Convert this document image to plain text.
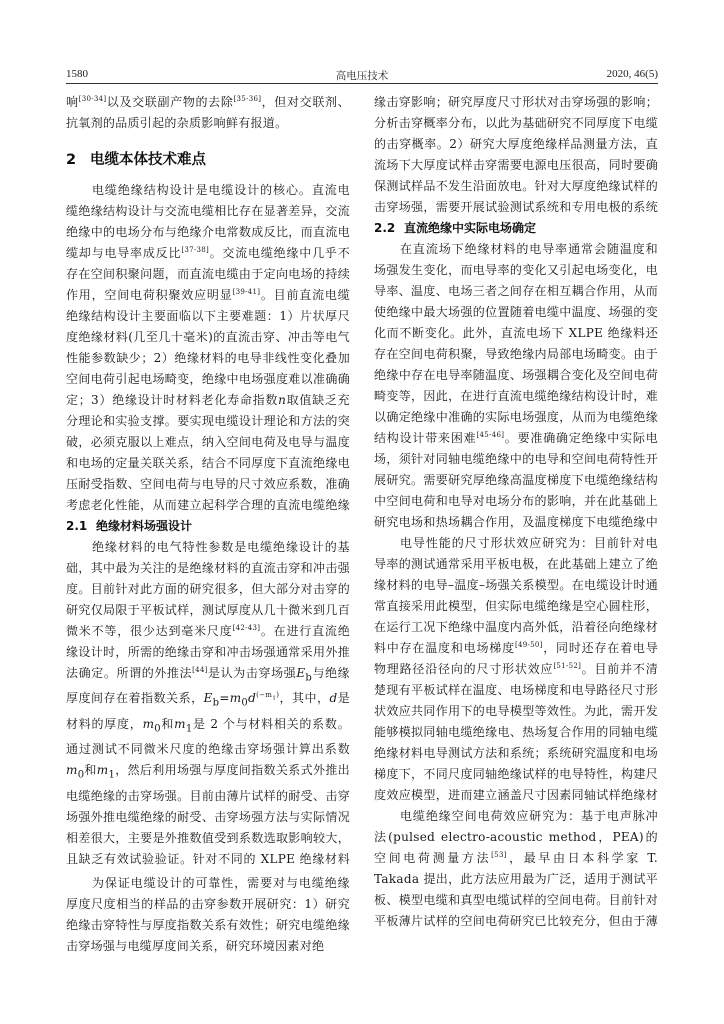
1580	高电压技术	2020, 46(5)

响[30-34]以及交联副产物的去除[35-36]，但对交联剂、抗氧剂的品质引起的杂质影响鲜有报道。

2 电缆本体技术难点

电缆绝缘结构设计是电缆设计的核心。直流电缆绝缘结构设计与交流电缆相比存在显著差异，交流绝缘中的电场分布与绝缘介电常数成反比，而直流电缆却与电导率成反比[37-38]。交流电缆绝缘中几乎不存在空间积聚问题，而直流电缆由于定向电场的持续作用，空间电荷积聚效应明显[39-41]。目前直流电缆绝缘结构设计主要面临以下主要难题：1）片状厚尺度绝缘材料(几至几十毫米)的直流击穿、冲击等电气性能参数缺少；2）绝缘材料的电导非线性变化叠加空间电荷引起电场畸变，绝缘中电场强度难以准确确定；3）绝缘设计时材料老化寿命指数n取值缺乏充分理论和实验支撑。要实现电缆设计理论和方法的突破，必须克服以上难点，纳入空间电荷及电导与温度和电场的定量关联关系，结合不同厚度下直流绝缘电压耐受指数、空间电荷与电导的尺寸效应系数，准确考虑老化性能，从而建立起科学合理的直流电缆绝缘

2.1 绝缘材料场强设计

绝缘材料的电气特性参数是电缆绝缘设计的基础，其中最为关注的是绝缘材料的直流击穿和冲击强度。目前针对此方面的研究很多，但大部分对击穿的研究仅局限于平板试样，测试厚度从几十微米到几百微米不等，很少达到毫米尺度[42-43]。在进行直流绝缘设计时，所需的绝缘击穿和冲击场强通常采用外推法确定。所谓的外推法[44]是认为击穿场强$E_b$与绝缘厚度间存在着指数关系，$E_b=m_0d^{(-m_1)}$，其中，d是材料的厚度，$m_0$和$m_1$是 2 个与材料相关的系数。通过测试不同微米尺度的绝缘击穿场强计算出系数$m_0$和$m_1$，然后利用场强与厚度间指数关系式外推出电缆绝缘的击穿场强。目前由薄片试样的耐受、击穿场强外推电缆绝缘的耐受、击穿场强方法与实际情况相差很大，主要是外推数值受到系数选取影响较大，且缺乏有效试验验证。针对不同的 XLPE 绝缘材料

为保证电缆设计的可靠性，需要对与电缆绝缘厚度尺度相当的样品的击穿参数开展研究：1）研究绝缘击穿特性与厚度指数关系有效性；研究电缆绝缘击穿场强与电缆厚度间关系，研究环境因素对绝

缘击穿影响；研究厚度尺寸形状对击穿场强的影响；分析击穿概率分布，以此为基础研究不同厚度下电缆的击穿概率。2）研究大厚度绝缘样品测量方法，直流场下大厚度试样击穿需要电源电压很高，同时要确保测试样品不发生沿面放电。针对大厚度绝缘试样的击穿场强，需要开展试验测试系统和专用电极的系统

2.2 直流绝缘中实际电场确定

在直流场下绝缘材料的电导率通常会随温度和场强发生变化，而电导率的变化又引起电场变化，电导率、温度、电场三者之间存在相互耦合作用，从而使绝缘中最大场强的位置随着电缆中温度、场强的变化而不断变化。此外，直流电场下 XLPE 绝缘料还存在空间电荷积聚，导致绝缘内局部电场畸变。由于绝缘中存在电导率随温度、场强耦合变化及空间电荷畸变等，因此，在进行直流电缆绝缘结构设计时，难以确定绝缘中准确的实际电场强度，从而为电缆绝缘结构设计带来困难[45-46]。要准确确定绝缘中实际电场，须针对同轴电缆绝缘中的电导和空间电荷特性开展研究。需要研究厚绝缘高温度梯度下电缆绝缘结构中空间电荷和电导对电场分布的影响，并在此基础上研究电场和热场耦合作用，及温度梯度下电缆绝缘中

电导性能的尺寸形状效应研究为：目前针对电导率的测试通常采用平板电极，在此基础上建立了绝缘材料的电导–温度–场强关系模型。在电缆设计时通常直接采用此模型，但实际电缆绝缘是空心圆柱形，在运行工况下绝缘中温度内高外低，沿着径向绝缘材料中存在温度和电场梯度[49-50]，同时还存在着电导物理路径沿径向的尺寸形状效应[51-52]。目前并不清楚现有平板试样在温度、电场梯度和电导路径尺寸形状效应共同作用下的电导模型等效性。为此，需开发能够模拟同轴电缆绝缘电、热场复合作用的同轴电缆绝缘材料电导测试方法和系统；系统研究温度和电场梯度下，不同尺度同轴绝缘试样的电导特性，构建尺度效应模型，进而建立涵盖尺寸因素同轴试样绝缘材

电缆绝缘空间电荷效应研究为：基于电声脉冲法(pulsed electro-acoustic method，PEA)的空间电荷测量方法[53]，最早由日本科学家 T. Takada 提出，此方法应用最为广泛，适用于测试平板、模型电缆和真型电缆试样的空间电荷。目前针对平板薄片试样的空间电荷研究已比较充分，但由于薄
